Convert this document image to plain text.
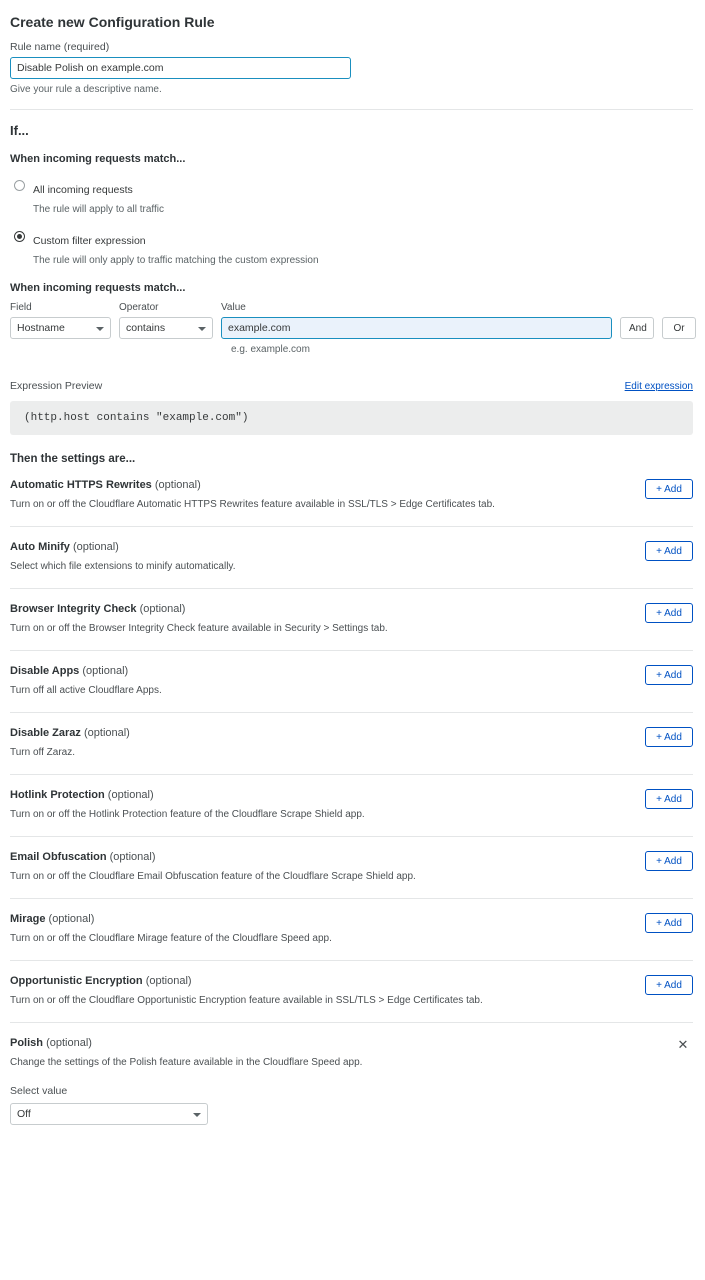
Create new Configuration Rule
Rule name (required)
Disable Polish on example.com
Give your rule a descriptive name.
If...
When incoming requests match...
All incoming requests
The rule will apply to all traffic
Custom filter expression
The rule will only apply to traffic matching the custom expression
When incoming requests match...
Field
Hostname
Operator
contains
Value
example.com
And	Or
e.g. example.com
Expression Preview	Edit expression
(http.host contains "example.com")
Then the settings are...
Automatic HTTPS Rewrites (optional)
Turn on or off the Cloudflare Automatic HTTPS Rewrites feature available in SSL/TLS > Edge Certificates tab.
+ Add
Auto Minify (optional)
Select which file extensions to minify automatically.
+ Add
Browser Integrity Check (optional)
Turn on or off the Browser Integrity Check feature available in Security > Settings tab.
+ Add
Disable Apps (optional)
Turn off all active Cloudflare Apps.
+ Add
Disable Zaraz (optional)
Turn off Zaraz.
+ Add
Hotlink Protection (optional)
Turn on or off the Hotlink Protection feature of the Cloudflare Scrape Shield app.
+ Add
Email Obfuscation (optional)
Turn on or off the Cloudflare Email Obfuscation feature of the Cloudflare Scrape Shield app.
+ Add
Mirage (optional)
Turn on or off the Cloudflare Mirage feature of the Cloudflare Speed app.
+ Add
Opportunistic Encryption (optional)
Turn on or off the Cloudflare Opportunistic Encryption feature available in SSL/TLS > Edge Certificates tab.
+ Add
Polish (optional)
Change the settings of the Polish feature available in the Cloudflare Speed app.
✕
Select value
Off
